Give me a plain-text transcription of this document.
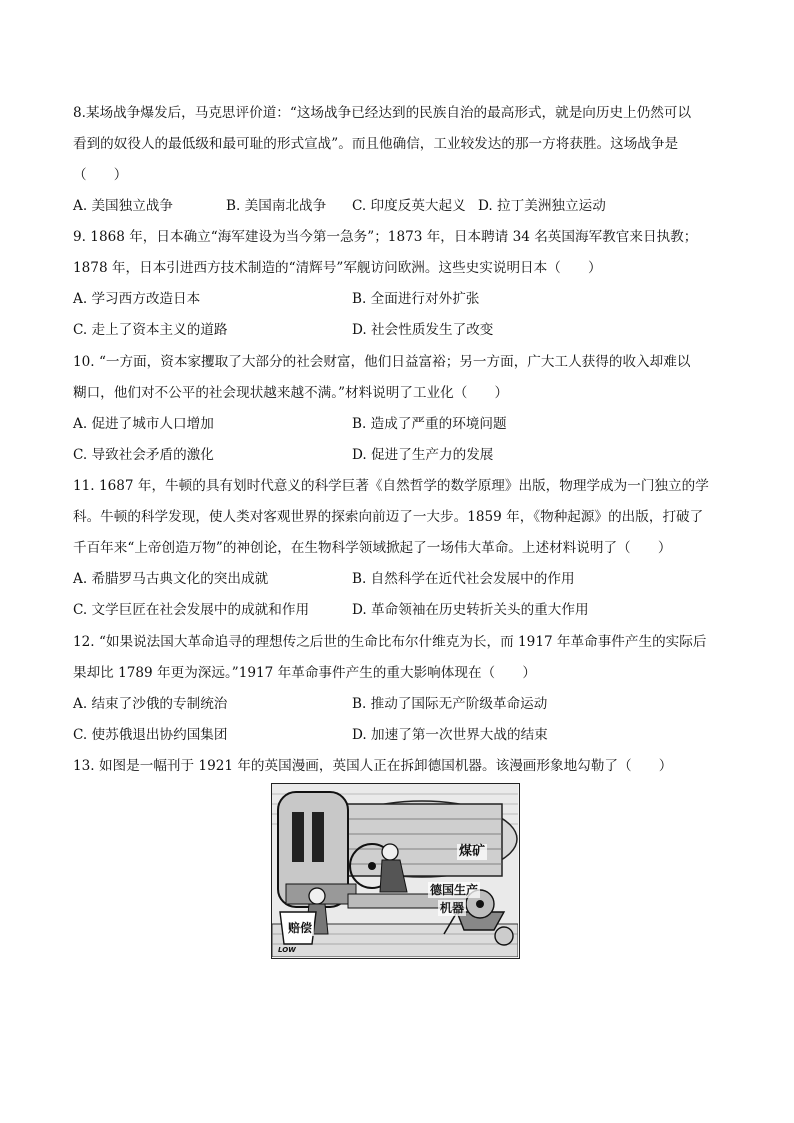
8.某场战争爆发后，马克思评价道：“这场战争已经达到的民族自治的最高形式，就是向历史上仍然可以
看到的奴役人的最低级和最可耻的形式宣战”。而且他确信，工业较发达的那一方将获胜。这场战争是
（　　）
A. 美国独立战争	B. 美国南北战争 C. 印度反英大起义 D. 拉丁美洲独立运动
9. 1868 年，日本确立“海军建设为当今第一急务”；1873 年，日本聘请 34 名英国海军教官来日执教；
1878 年，日本引进西方技术制造的“清辉号”军舰访问欧洲。这些史实说明日本（　　）
A. 学习西方改造日本	B. 全面进行对外扩张
C. 走上了资本主义的道路	D. 社会性质发生了改变
10. “一方面，资本家攫取了大部分的社会财富，他们日益富裕；另一方面，广大工人获得的收入却难以
糊口，他们对不公平的社会现状越来越不满。”材料说明了工业化（　　）
A. 促进了城市人口增加	B. 造成了严重的环境问题
C. 导致社会矛盾的激化	D. 促进了生产力的发展
11. 1687 年，牛顿的具有划时代意义的科学巨著《自然哲学的数学原理》出版，物理学成为一门独立的学
科。牛顿的科学发现，使人类对客观世界的探索向前迈了一大步。1859 年，《物种起源》的出版，打破了
千百年来“上帝创造万物”的神创论，在生物科学领域掀起了一场伟大革命。上述材料说明了（　　）
A. 希腊罗马古典文化的突出成就	B. 自然科学在近代社会发展中的作用
C. 文学巨匠在社会发展中的成就和作用	D. 革命领袖在历史转折关头的重大作用
12. “如果说法国大革命追寻的理想传之后世的生命比布尔什维克为长，而 1917 年革命事件产生的实际后
果却比 1789 年更为深远。”1917 年革命事件产生的重大影响体现在（　　）
A. 结束了沙俄的专制统治	B. 推动了国际无产阶级革命运动
C. 使苏俄退出协约国集团	D. 加速了第一次世界大战的结束
13. 如图是一幅刊于 1921 年的英国漫画，英国人正在拆卸德国机器。该漫画形象地勾勒了（　　）
煤矿
德国生产
机器
赔偿
LOW
